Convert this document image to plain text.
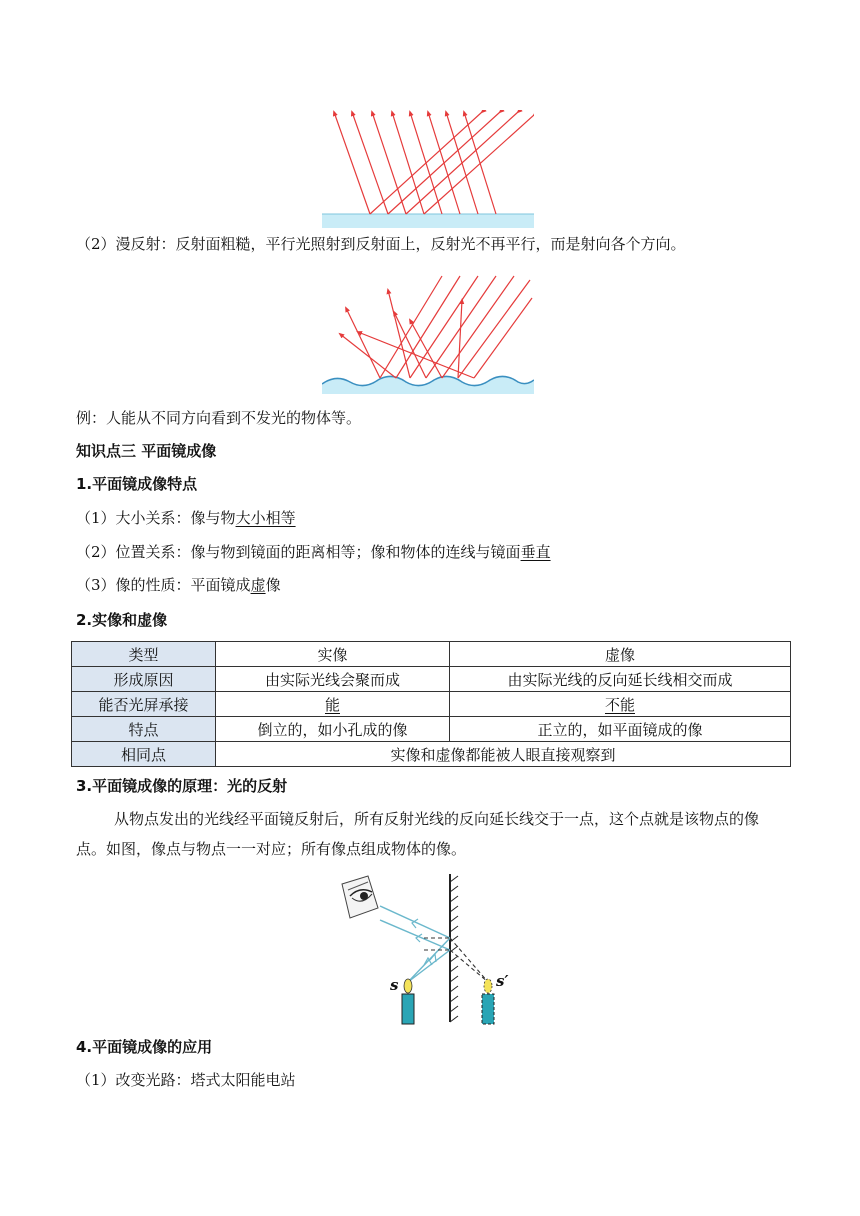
（2）漫反射：反射面粗糙，平行光照射到反射面上，反射光不再平行，而是射向各个方向。
例：人能从不同方向看到不发光的物体等。
知识点三 平面镜成像
1.平面镜成像特点
（1）大小关系：像与物大小相等
（2）位置关系：像与物到镜面的距离相等；像和物体的连线与镜面垂直
（3）像的性质：平面镜成虚像
2.实像和虚像
类型	实像	虚像
形成原因	由实际光线会聚而成	由实际光线的反向延长线相交而成
能否光屏承接	能	不能
特点	倒立的，如小孔成的像	正立的，如平面镜成的像
相同点	实像和虚像都能被人眼直接观察到	
3.平面镜成像的原理：光的反射
从物点发出的光线经平面镜反射后，所有反射光线的反向延长线交于一点，这个点就是该物点的像点。如图，像点与物点一一对应；所有像点组成物体的像。
s	s′
4.平面镜成像的应用
（1）改变光路：塔式太阳能电站
